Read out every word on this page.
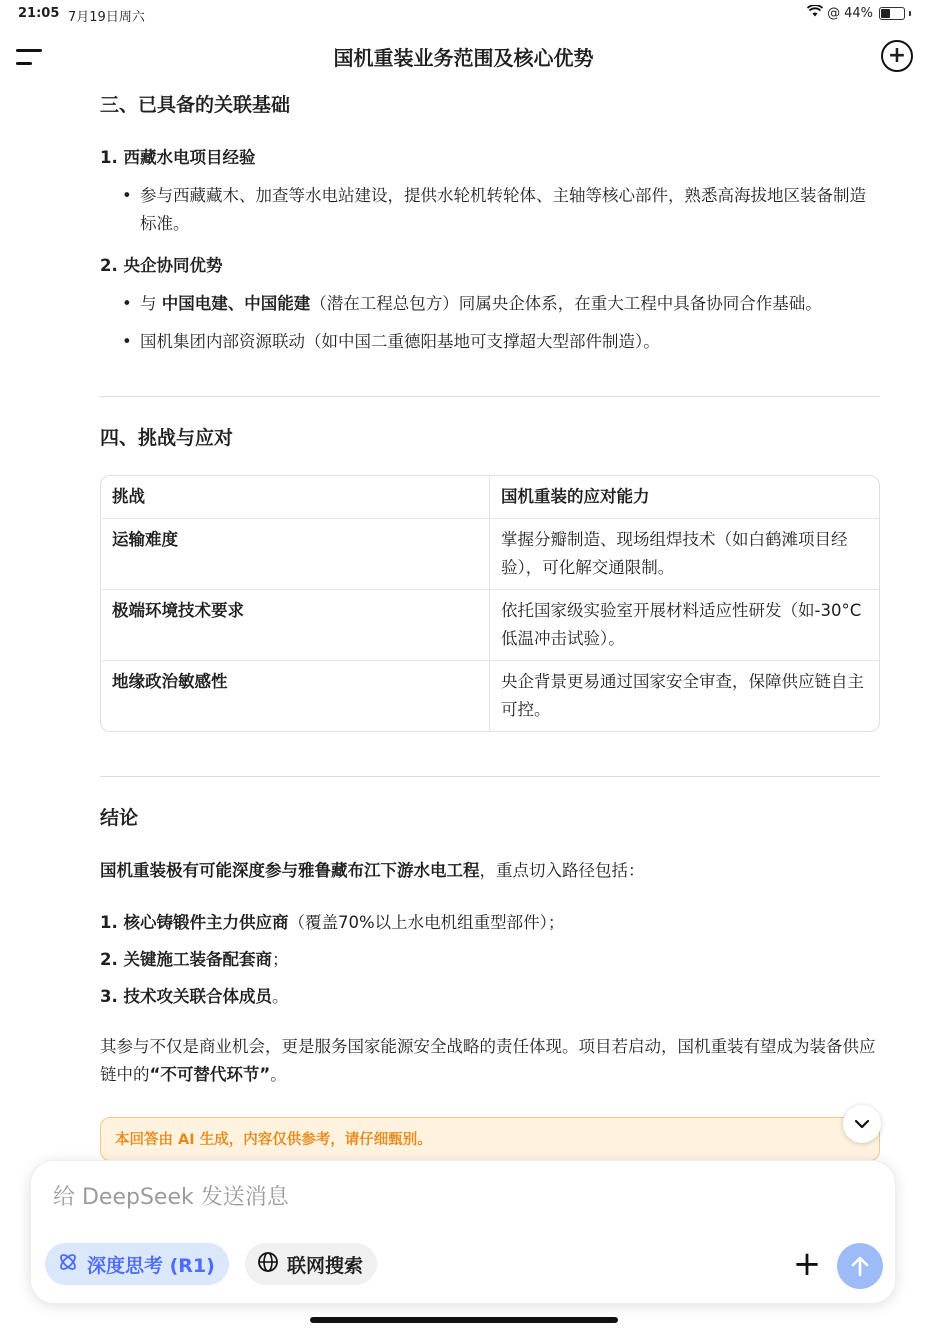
21:05 7月19日周六	@ 44%
国机重装业务范围及核心优势	+
三、已具备的关联基础
1. 西藏水电项目经验
• 参与西藏藏木、加查等水电站建设，提供水轮机转轮体、主轴等核心部件，熟悉高海拔地区装备制造标准。
2. 央企协同优势
• 与 中国电建、中国能建（潜在工程总包方）同属央企体系，在重大工程中具备协同合作基础。
• 国机集团内部资源联动（如中国二重德阳基地可支撑超大型部件制造）。
四、挑战与应对
挑战	国机重装的应对能力
运输难度	掌握分瓣制造、现场组焊技术（如白鹤滩项目经验），可化解交通限制。
极端环境技术要求	依托国家级实验室开展材料适应性研发（如-30°C低温冲击试验）。
地缘政治敏感性	央企背景更易通过国家安全审查，保障供应链自主可控。
结论

国机重装极有可能深度参与雅鲁藏布江下游水电工程，重点切入路径包括：

1. 核心铸锻件主力供应商（覆盖70%以上水电机组重型部件）；
2. 关键施工装备配套商；
3. 技术攻关联合体成员。

其参与不仅是商业机会，更是服务国家能源安全战略的责任体现。项目若启动，国机重装有望成为装备供应链中的“不可替代环节”。

本回答由 AI 生成，内容仅供参考，请仔细甄别。
给 DeepSeek 发送消息
深度思考 (R1)	联网搜索	+
